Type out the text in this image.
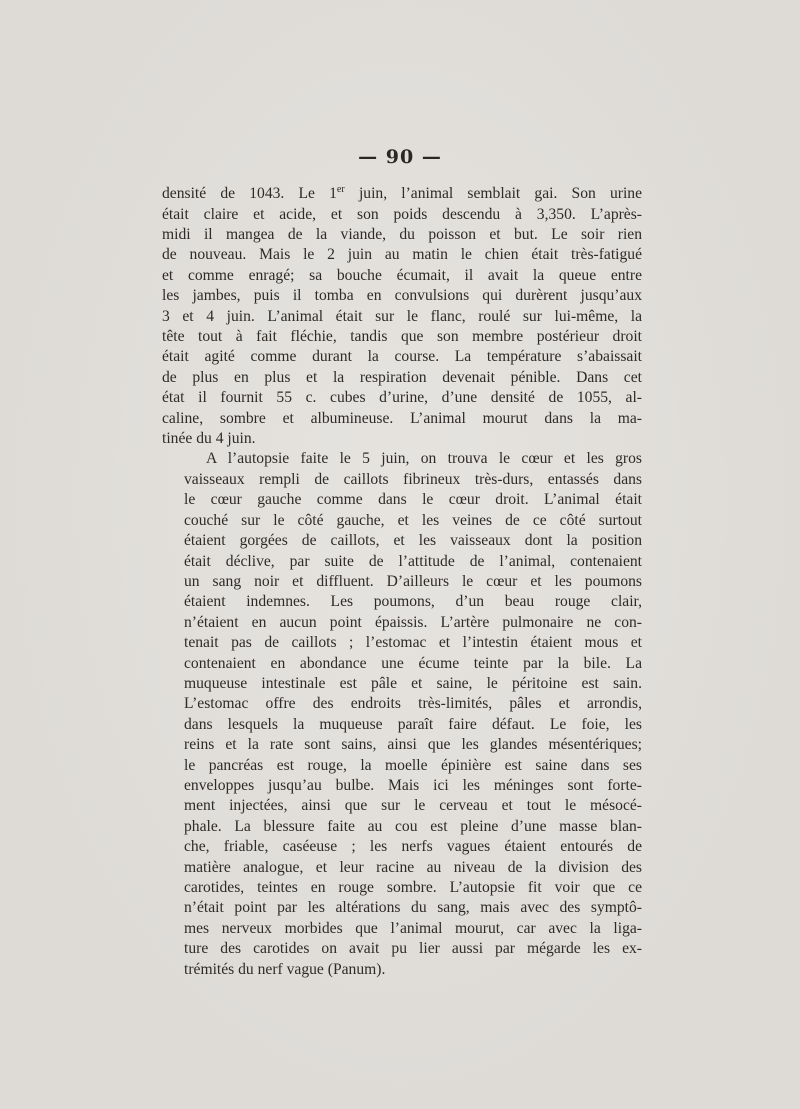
— 90 —

densité de 1043. Le 1er juin, l’animal semblait gai. Son urine
était claire et acide, et son poids descendu à 3,350. L’après-
midi il mangea de la viande, du poisson et but. Le soir rien
de nouveau. Mais le 2 juin au matin le chien était très-fatigué
et comme enragé; sa bouche écumait, il avait la queue entre
les jambes, puis il tomba en convulsions qui durèrent jusqu’aux
3 et 4 juin. L’animal était sur le flanc, roulé sur lui-même, la
tête tout à fait fléchie, tandis que son membre postérieur droit
était agité comme durant la course. La température s’abaissait
de plus en plus et la respiration devenait pénible. Dans cet
état il fournit 55 c. cubes d’urine, d’une densité de 1055, al-
caline, sombre et albumineuse. L’animal mourut dans la ma-
tinée du 4 juin.

A l’autopsie faite le 5 juin, on trouva le cœur et les gros
vaisseaux rempli de caillots fibrineux très-durs, entassés dans
le cœur gauche comme dans le cœur droit. L’animal était
couché sur le côté gauche, et les veines de ce côté surtout
étaient gorgées de caillots, et les vaisseaux dont la position
était déclive, par suite de l’attitude de l’animal, contenaient
un sang noir et diffluent. D’ailleurs le cœur et les poumons
étaient indemnes. Les poumons, d’un beau rouge clair,
n’étaient en aucun point épaissis. L’artère pulmonaire ne con-
tenait pas de caillots ; l’estomac et l’intestin étaient mous et
contenaient en abondance une écume teinte par la bile. La
muqueuse intestinale est pâle et saine, le péritoine est sain.
L’estomac offre des endroits très-limités, pâles et arrondis,
dans lesquels la muqueuse paraît faire défaut. Le foie, les
reins et la rate sont sains, ainsi que les glandes mésentériques;
le pancréas est rouge, la moelle épinière est saine dans ses
enveloppes jusqu’au bulbe. Mais ici les méninges sont forte-
ment injectées, ainsi que sur le cerveau et tout le mésocé-
phale. La blessure faite au cou est pleine d’une masse blan-
che, friable, caséeuse ; les nerfs vagues étaient entourés de
matière analogue, et leur racine au niveau de la division des
carotides, teintes en rouge sombre. L’autopsie fit voir que ce
n’était point par les altérations du sang, mais avec des symptô-
mes nerveux morbides que l’animal mourut, car avec la liga-
ture des carotides on avait pu lier aussi par mégarde les ex-
trémités du nerf vague (Panum).
